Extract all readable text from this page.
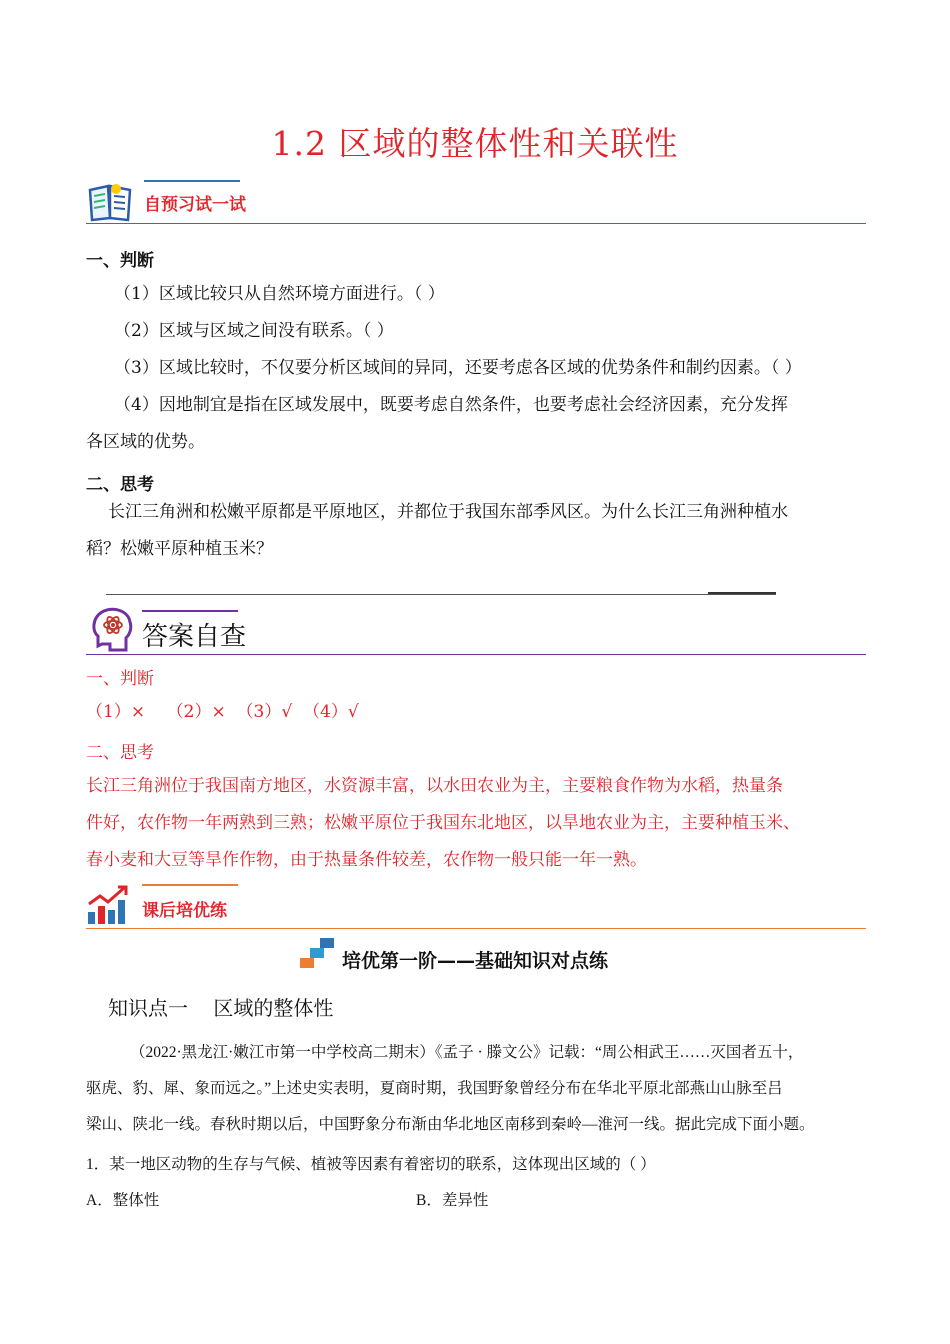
1.2 区域的整体性和关联性
自预习试一试
一、判断
（1）区域比较只从自然环境方面进行。（ ）
（2）区域与区域之间没有联系。（ ）
（3）区域比较时，不仅要分析区域间的异同，还要考虑各区域的优势条件和制约因素。（ ）
（4）因地制宜是指在区域发展中，既要考虑自然条件，也要考虑社会经济因素，充分发挥
各区域的优势。
二、思考
长江三角洲和松嫩平原都是平原地区，并都位于我国东部季风区。为什么长江三角洲种植水
稻？松嫩平原种植玉米？
答案自查
一、判断
（1）×    （2）×  （3）√  （4）√
二、思考
长江三角洲位于我国南方地区，水资源丰富，以水田农业为主，主要粮食作物为水稻，热量条
件好，农作物一年两熟到三熟；松嫩平原位于我国东北地区，以旱地农业为主，主要种植玉米、
春小麦和大豆等旱作作物，由于热量条件较差，农作物一般只能一年一熟。
课后培优练
培优第一阶——基础知识对点练
知识点一    区域的整体性
（2022·黑龙江·嫩江市第一中学校高二期末）《孟子 · 滕文公》记载：“周公相武王……灭国者五十，
驱虎、豹、犀、象而远之。”上述史实表明，夏商时期，我国野象曾经分布在华北平原北部燕山山脉至吕
梁山、陕北一线。春秋时期以后，中国野象分布渐由华北地区南移到秦岭—淮河一线。据此完成下面小题。
1．某一地区动物的生存与气候、植被等因素有着密切的联系，这体现出区域的（ ）
A．整体性	B．差异性
